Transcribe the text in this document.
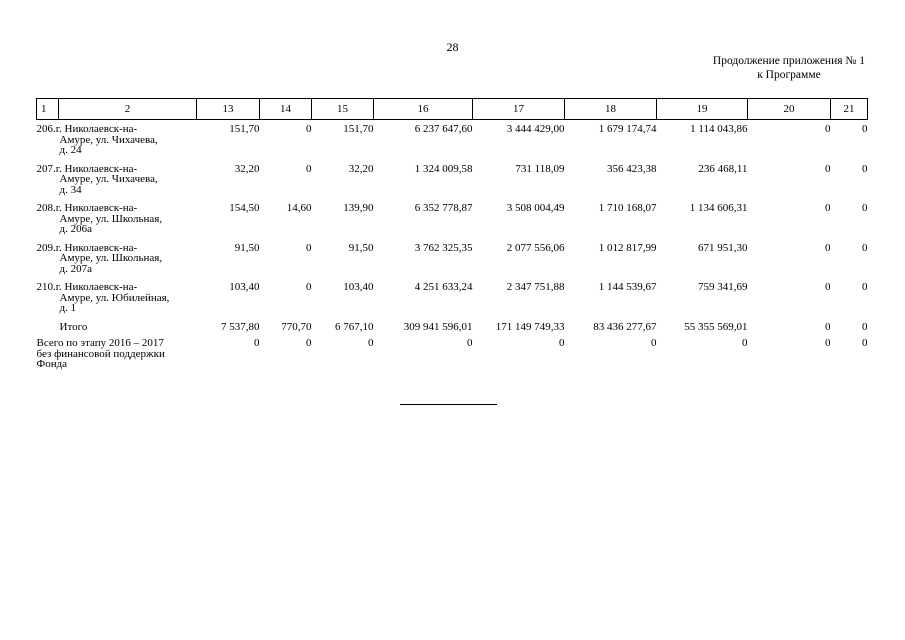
28
Продолжение приложения № 1
к Программе
1	2	13	14	15	16	17	18	19	20	21

206.г. Николаевск-на-
Амуре, ул. Чихачева,
д. 24		151,70	0	151,70	6 237 647,60	3 444 429,00	1 679 174,74	1 114 043,86	0	0

207.г. Николаевск-на-
Амуре, ул. Чихачева,
д. 34		32,20	0	32,20	1 324 009,58	731 118,09	356 423,38	236 468,11	0	0

208.г. Николаевск-на-
Амуре, ул. Школьная,
д. 206а		154,50	14,60	139,90	6 352 778,87	3 508 004,49	1 710 168,07	1 134 606,31	0	0

209.г. Николаевск-на-
Амуре, ул. Школьная,
д. 207а		91,50	0	91,50	3 762 325,35	2 077 556,06	1 012 817,99	671 951,30	0	0

210.г. Николаевск-на-
Амуре, ул. Юбилейная,
д. 1		103,40	0	103,40	4 251 633,24	2 347 751,88	1 144 539,67	759 341,69	0	0
Итого		7 537,80	770,70	6 767,10	309 941 596,01	171 149 749,33	83 436 277,67	55 355 569,01	0	0

Всего по этапу 2016 – 2017
без финансовой поддержки
Фонда		0	0	0	0	0	0	0	0	0
